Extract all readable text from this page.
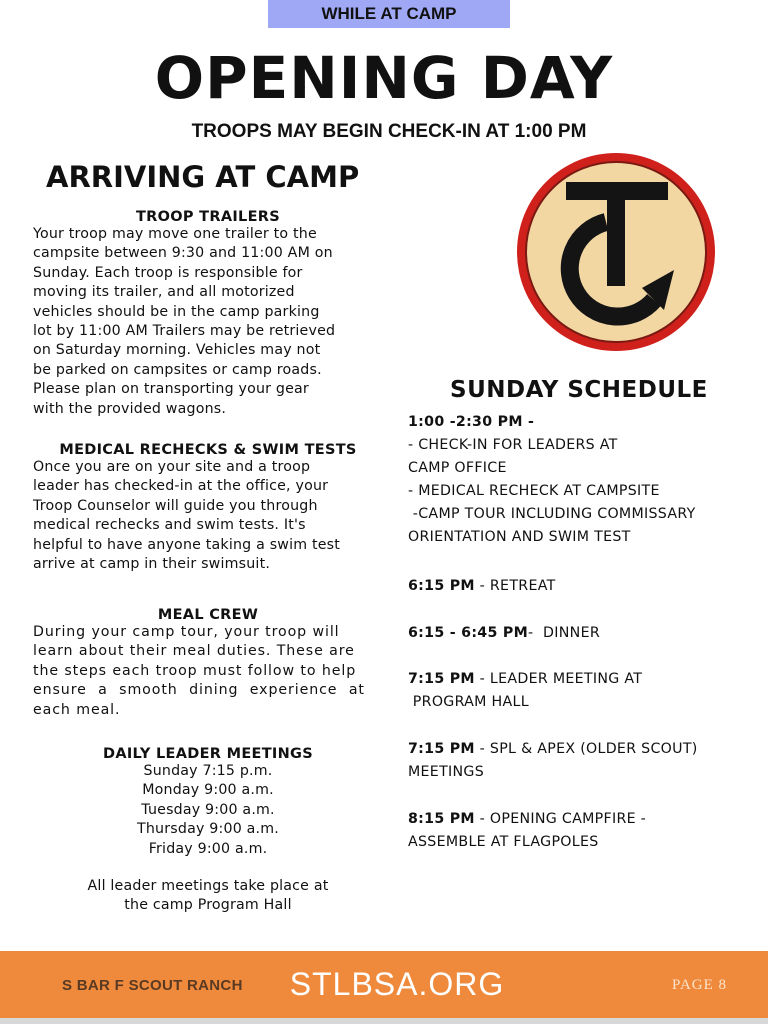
WHILE AT CAMP
OPENING DAY
TROOPS MAY BEGIN CHECK-IN AT 1:00 PM
ARRIVING AT CAMP
TROOP TRAILERS
Your troop may move one trailer to the
campsite between 9:30 and 11:00 AM on
Sunday. Each troop is responsible for
moving its trailer, and all motorized
vehicles should be in the camp parking
lot by 11:00 AM Trailers may be retrieved
on Saturday morning. Vehicles may not
be parked on campsites or camp roads.
Please plan on transporting your gear
with the provided wagons.
MEDICAL RECHECKS & SWIM TESTS
Once you are on your site and a troop
leader has checked-in at the office, your
Troop Counselor will guide you through
medical rechecks and swim tests. It's
helpful to have anyone taking a swim test
arrive at camp in their swimsuit.
MEAL CREW
During your camp tour, your troop will
learn about their meal duties. These are
the steps each troop must follow to help
ensure a smooth dining experience at
each meal.
DAILY LEADER MEETINGS
Sunday 7:15 p.m.
Monday 9:00 a.m.
Tuesday 9:00 a.m.
Thursday 9:00 a.m.
Friday 9:00 a.m.
All leader meetings take place at
the camp Program Hall
SUNDAY SCHEDULE
1:00 -2:30 PM -
- CHECK-IN FOR LEADERS AT
CAMP OFFICE
- MEDICAL RECHECK AT CAMPSITE
-CAMP TOUR INCLUDING COMMISSARY
ORIENTATION AND SWIM TEST
6:15 PM - RETREAT
6:15 - 6:45 PM-  DINNER
7:15 PM - LEADER MEETING AT
PROGRAM HALL
7:15 PM - SPL & APEX (OLDER SCOUT)
MEETINGS
8:15 PM - OPENING CAMPFIRE -
ASSEMBLE AT FLAGPOLES
S BAR F SCOUT RANCH	STLBSA.ORG	PAGE 8
